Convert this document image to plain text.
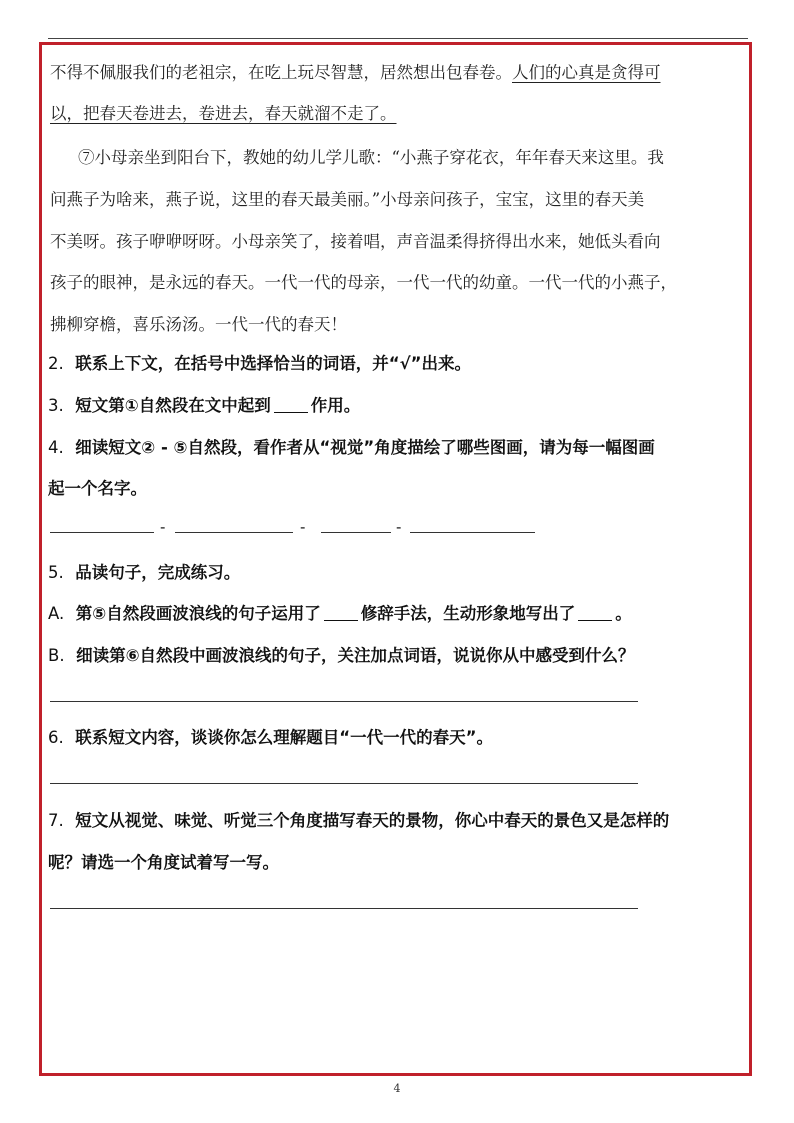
不得不佩服我们的老祖宗，在吃上玩尽智慧，居然想出包春卷。人们的心真是贪得可
以，把春天卷进去，卷进去，春天就溜不走了。
⑦小母亲坐到阳台下，教她的幼儿学儿歌：“小燕子穿花衣，年年春天来这里。我
问燕子为啥来，燕子说，这里的春天最美丽。”小母亲问孩子，宝宝，这里的春天美
不美呀。孩子咿咿呀呀。小母亲笑了，接着唱，声音温柔得挤得出水来，她低头看向
孩子的眼神，是永远的春天。一代一代的母亲，一代一代的幼童。一代一代的小燕子，
拂柳穿檐，喜乐汤汤。一代一代的春天！
2. 联系上下文，在括号中选择恰当的词语，并“√”出来。
3. 短文第①自然段在文中起到 作用。
4. 细读短文② - ⑤自然段，看作者从“视觉”角度描绘了哪些图画，请为每一幅图画
起一个名字。
-	-	-
5. 品读句子，完成练习。
A. 第⑤自然段画波浪线的句子运用了 修辞手法，生动形象地写出了 。
B. 细读第⑥自然段中画波浪线的句子，关注加点词语，说说你从中感受到什么？
6. 联系短文内容，谈谈你怎么理解题目“一代一代的春天”。
7. 短文从视觉、味觉、听觉三个角度描写春天的景物，你心中春天的景色又是怎样的
呢？请选一个角度试着写一写。
4
